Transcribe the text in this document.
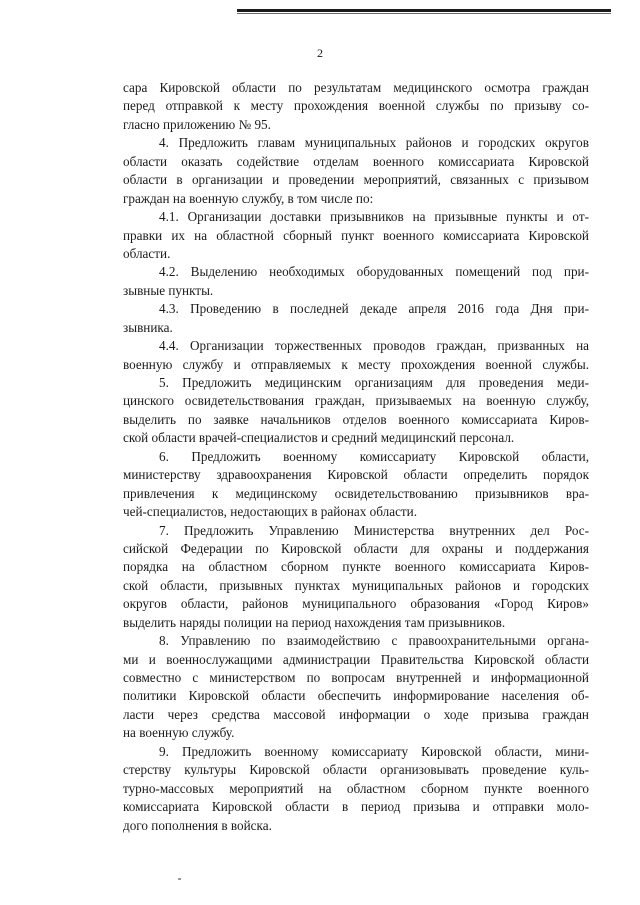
2
сара Кировской области по результатам медицинского осмотра граждан
перед отправкой к месту прохождения военной службы по призыву со-
гласно приложению № 95.
4. Предложить главам муниципальных районов и городских округов
области оказать содействие отделам военного комиссариата Кировской
области в организации и проведении мероприятий, связанных с призывом
граждан на военную службу, в том числе по:
4.1. Организации доставки призывников на призывные пункты и от-
правки их на областной сборный пункт военного комиссариата Кировской
области.
4.2. Выделению необходимых оборудованных помещений под при-
зывные пункты.
4.3. Проведению в последней декаде апреля 2016 года Дня при-
зывника.
4.4. Организации торжественных проводов граждан, призванных на
военную службу и отправляемых к месту прохождения военной службы.
5. Предложить медицинским организациям для проведения меди-
цинского освидетельствования граждан, призываемых на военную службу,
выделить по заявке начальников отделов военного комиссариата Киров-
ской области врачей-специалистов и средний медицинский персонал.
6. Предложить военному комиссариату Кировской области,
министерству здравоохранения Кировской области определить порядок
привлечения к медицинскому освидетельствованию призывников вра-
чей-специалистов, недостающих в районах области.
7. Предложить Управлению Министерства внутренних дел Рос-
сийской Федерации по Кировской области для охраны и поддержания
порядка на областном сборном пункте военного комиссариата Киров-
ской области, призывных пунктах муниципальных районов и городских
округов области, районов муниципального образования «Город Киров»
выделить наряды полиции на период нахождения там призывников.
8. Управлению по взаимодействию с правоохранительными органа-
ми и военнослужащими администрации Правительства Кировской области
совместно с министерством по вопросам внутренней и информационной
политики Кировской области обеспечить информирование населения об-
ласти через средства массовой информации о ходе призыва граждан
на военную службу.
9. Предложить военному комиссариату Кировской области, мини-
стерству культуры Кировской области организовывать проведение куль-
турно-массовых мероприятий на областном сборном пункте военного
комиссариата Кировской области в период призыва и отправки моло-
дого пополнения в войска.
